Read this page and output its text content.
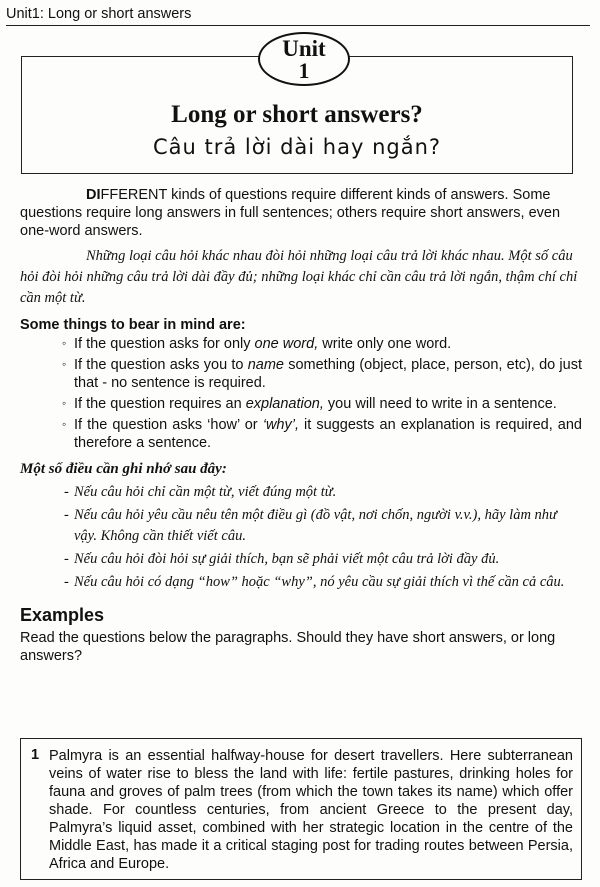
Unit1: Long or short answers
Long or short answers?
Câu trả lời dài hay ngắn?
Unit
1

DIFFERENT kinds of questions require different kinds of answers. Some questions require long answers in full sentences; others require short answers, even one-word answers.

Những loại câu hỏi khác nhau đòi hỏi những loại câu trả lời khác nhau. Một số câu hỏi đòi hỏi những câu trả lời dài đầy đủ; những loại khác chỉ cần câu trả lời ngắn, thậm chí chỉ cần một từ.

Some things to bear in mind are:

◦ If the question asks for only one word, write only one word.
◦ If the question asks you to name something (object, place, person, etc), do just that - no sentence is required.
◦ If the question requires an explanation, you will need to write in a sentence.
◦ If the question asks ‘how’ or ‘why’, it suggests an explanation is required, and therefore a sentence.

Một số điều cần ghi nhớ sau đây:

- Nếu câu hỏi chỉ cần một từ, viết đúng một từ.
- Nếu câu hỏi yêu cầu nêu tên một điều gì (đồ vật, nơi chốn, người v.v.), hãy làm như vậy. Không cần thiết viết câu.
- Nếu câu hỏi đòi hỏi sự giải thích, bạn sẽ phải viết một câu trả lời đầy đủ.
- Nếu câu hỏi có dạng “how” hoặc “why”, nó yêu cầu sự giải thích vì thế cần cả câu.

Examples

Read the questions below the paragraphs. Should they have short answers, or long answers?

1 Palmyra is an essential halfway-house for desert travellers. Here subterranean veins of water rise to bless the land with life: fertile pastures, drinking holes for fauna and groves of palm trees (from which the town takes its name) which offer shade. For countless centuries, from ancient Greece to the present day, Palmyra’s liquid asset, combined with her strategic location in the centre of the Middle East, has made it a critical staging post for trading routes between Persia, Africa and Europe.
